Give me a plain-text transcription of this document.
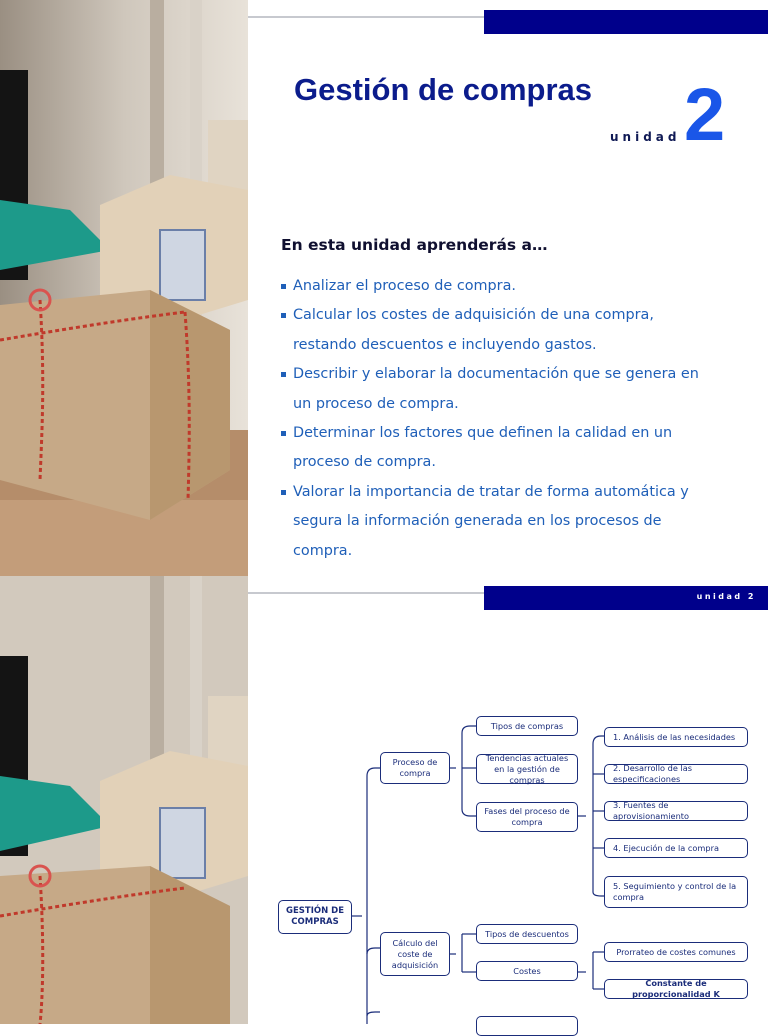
Gestión de compras
unidad 2
En esta unidad aprenderás a…
Analizar el proceso de compra.
Calcular los costes de adquisición de una compra, restando descuentos e incluyendo gastos.
Describir y elaborar la documentación que se genera en un proceso de compra.
Determinar los factores que definen la calidad en un proceso de compra.
Valorar la importancia de tratar de forma automática y segura la información generada en los procesos de compra.
unidad 2
GESTIÓN DE COMPRAS
Proceso de compra
Cálculo del coste de adquisición
Tipos de compras
Tendencias actuales en la gestión de compras
Fases del proceso de compra
1. Análisis de las necesidades
2. Desarrollo de las especificaciones
3. Fuentes de aprovisionamiento
4. Ejecución de la compra
5. Seguimiento y control de la compra
Tipos de descuentos
Costes
Prorrateo de costes comunes
Constante de proporcionalidad K
